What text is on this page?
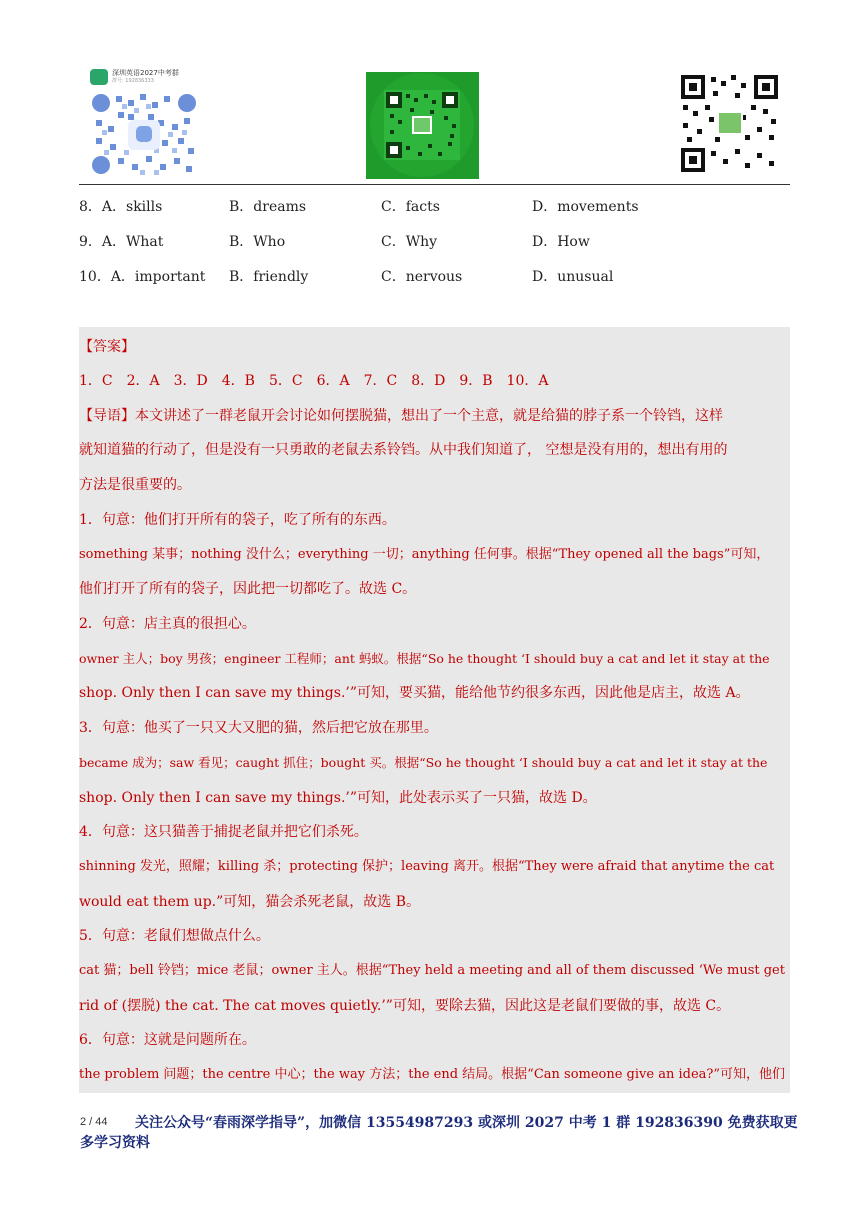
深圳英语2027中考群
群号: 192836333
8．A．skills	B．dreams	C．facts	D．movements
9．A．What	B．Who	C．Why	D．How
10．A．important B．friendly	C．nervous	D．unusual
【答案】
1．C　2．A　3．D　4．B　5．C　6．A　7．C　8．D　9．B　10．A
【导语】本文讲述了一群老鼠开会讨论如何摆脱猫，想出了一个主意，就是给猫的脖子系一个铃铛，这样
就知道猫的行动了，但是没有一只勇敢的老鼠去系铃铛。从中我们知道了， 空想是没有用的，想出有用的
方法是很重要的。
1．句意：他们打开所有的袋子，吃了所有的东西。
something 某事；nothing 没什么；everything 一切；anything 任何事。根据“They opened all the bags”可知，
他们打开了所有的袋子，因此把一切都吃了。故选 C。
2．句意：店主真的很担心。
owner 主人；boy 男孩；engineer 工程师；ant 蚂蚁。根据“So he thought ‘I should buy a cat and let it stay at the
shop. Only then I can save my things.’”可知，要买猫，能给他节约很多东西，因此他是店主，故选 A。
3．句意：他买了一只又大又肥的猫，然后把它放在那里。
became 成为；saw 看见；caught 抓住；bought 买。根据“So he thought ‘I should buy a cat and let it stay at the
shop. Only then I can save my things.’”可知，此处表示买了一只猫，故选 D。
4．句意：这只猫善于捕捉老鼠并把它们杀死。
shinning 发光，照耀；killing 杀；protecting 保护；leaving 离开。根据“They were afraid that anytime the cat
would eat them up.”可知，猫会杀死老鼠，故选 B。
5．句意：老鼠们想做点什么。
cat 猫；bell 铃铛；mice 老鼠；owner 主人。根据“They held a meeting and all of them discussed ‘We must get
rid of (摆脱) the cat. The cat moves quietly.’”可知，要除去猫，因此这是老鼠们要做的事，故选 C。
6．句意：这就是问题所在。
the problem 问题；the centre 中心；the way 方法；the end 结局。根据“Can someone give an idea?”可知，他们
2 / 44	关注公众号“春雨深学指导”，加微信 13554987293 或深圳 2027 中考 1 群 192836390 免费获取更多学习资料
